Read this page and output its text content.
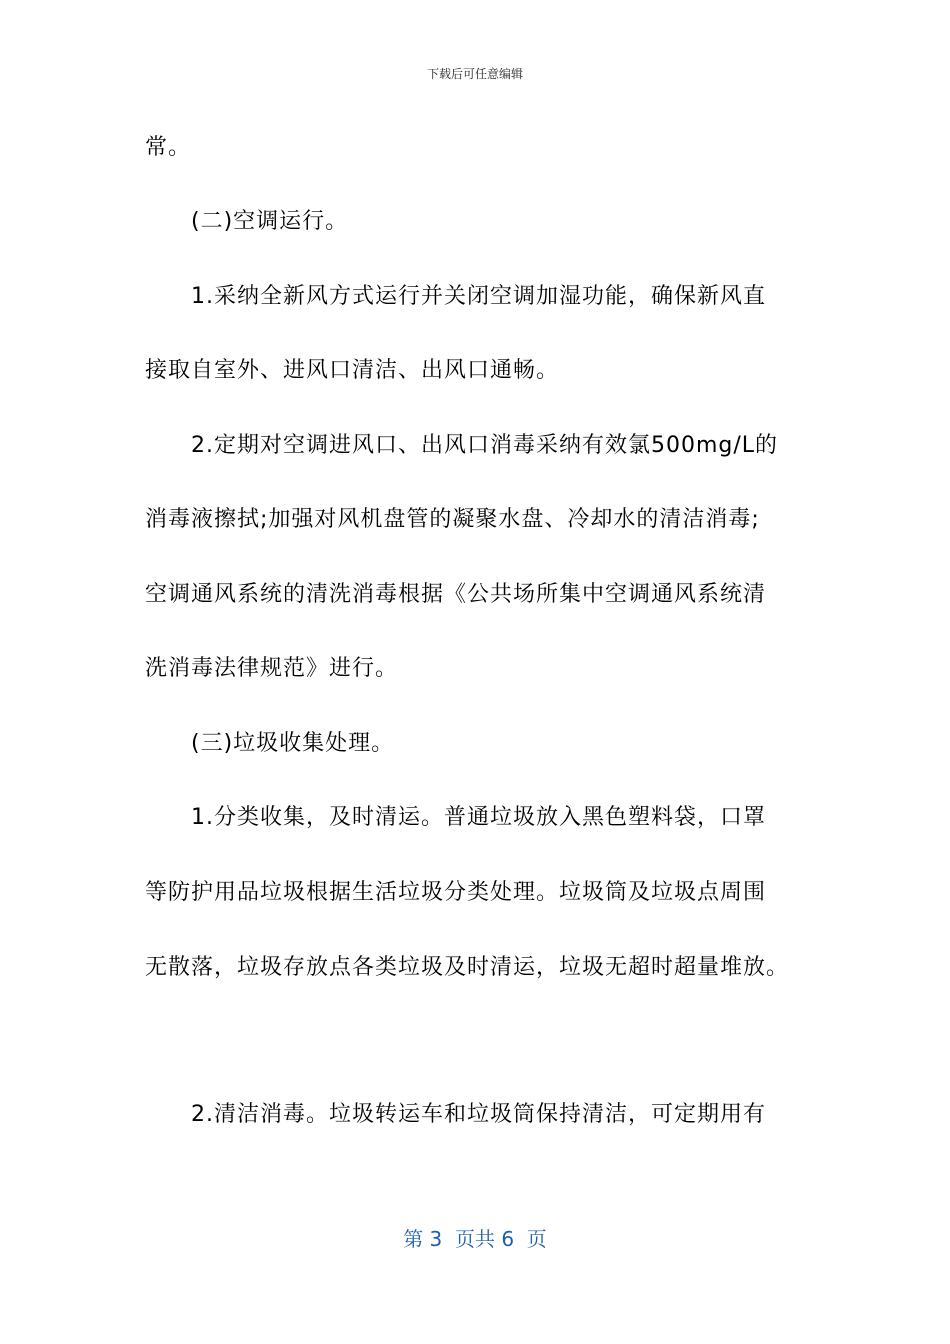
下载后可任意编辑
常。
(二)空调运行。
1.采纳全新风方式运行并关闭空调加湿功能，确保新风直
接取自室外、进风口清洁、出风口通畅。
2.定期对空调进风口、出风口消毒采纳有效氯500mg/L的
消毒液擦拭;加强对风机盘管的凝聚水盘、冷却水的清洁消毒;
空调通风系统的清洗消毒根据《公共场所集中空调通风系统清
洗消毒法律规范》进行。
(三)垃圾收集处理。
1.分类收集，及时清运。普通垃圾放入黑色塑料袋，口罩
等防护用品垃圾根据生活垃圾分类处理。垃圾筒及垃圾点周围
无散落，垃圾存放点各类垃圾及时清运，垃圾无超时超量堆放。
2.清洁消毒。垃圾转运车和垃圾筒保持清洁，可定期用有
第 3  页共 6  页
